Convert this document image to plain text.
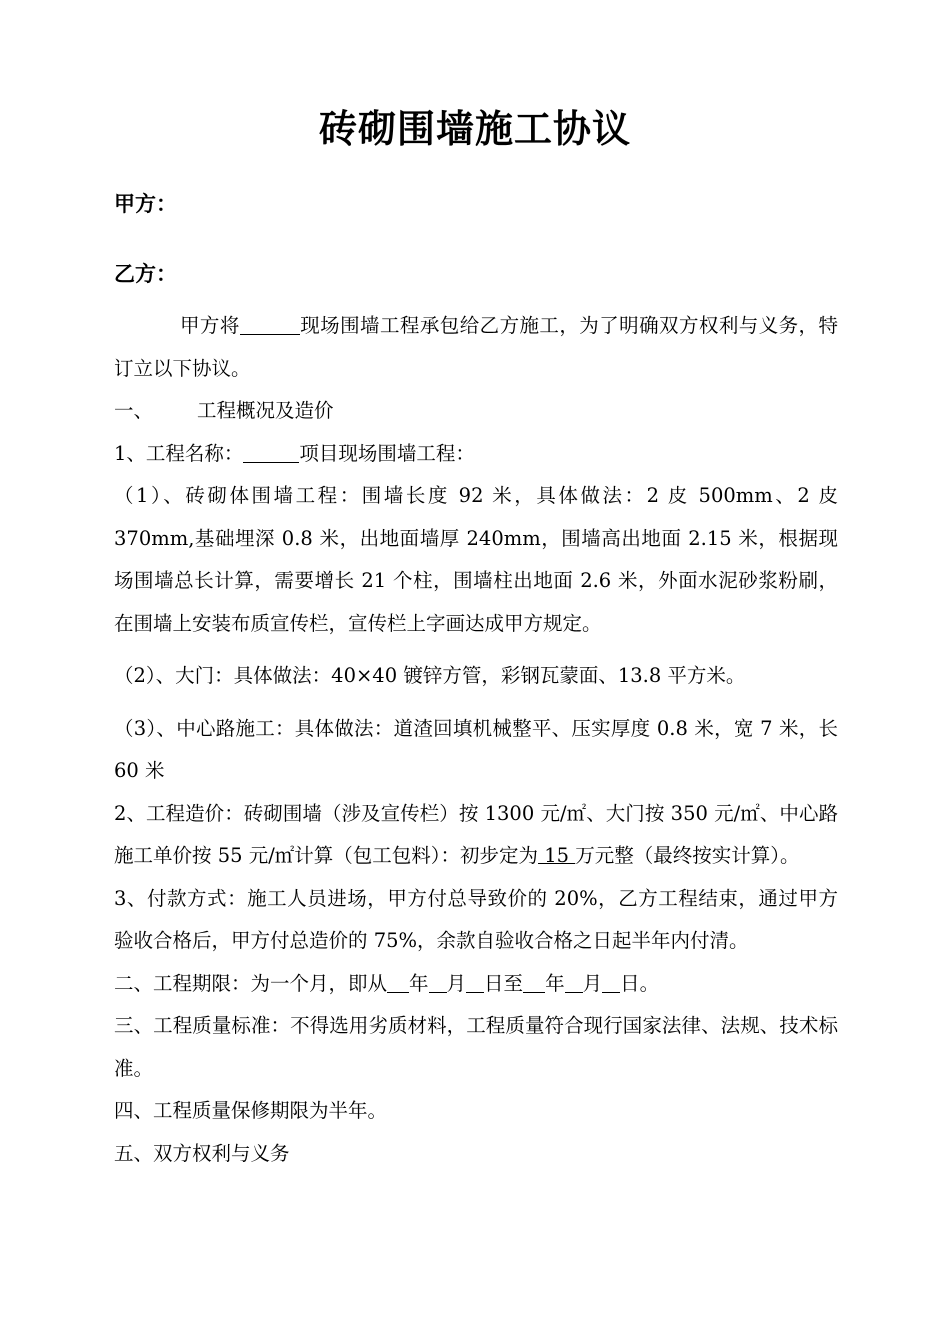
砖砌围墙施工协议
甲方：
乙方：

甲方将	现场围墙工程承包给乙方施工，为了明确双方权利与义务，特订立以下协议。

一、 工程概况及造价

1、工程名称：	项目现场围墙工程：

（1）、砖砌体围墙工程：围墙长度 92 米，具体做法：2 皮 500mm、2 皮 370mm,基础埋深 0.8 米，出地面墙厚 240mm，围墙高出地面 2.15 米，根据现场围墙总长计算，需要增长 21 个柱，围墙柱出地面 2.6 米，外面水泥砂浆粉刷，在围墙上安装布质宣传栏，宣传栏上字画达成甲方规定。

（2）、大门：具体做法：40×40 镀锌方管，彩钢瓦蒙面、13.8 平方米。

（3）、中心路施工：具体做法：道渣回填机械整平、压实厚度 0.8 米，宽 7 米，长 60 米

2、工程造价：砖砌围墙（涉及宣传栏）按 1300 元/㎡、大门按 350 元/㎡、中心路施工单价按 55 元/㎡计算（包工包料）：初步定为 15 万元整（最终按实计算）。

3、付款方式：施工人员进场，甲方付总导致价的 20%，乙方工程结束，通过甲方验收合格后，甲方付总造价的 75%，余款自验收合格之日起半年内付清。

二、工程期限：为一个月，即从 年 月 日至 年 月 日。

三、工程质量标准：不得选用劣质材料，工程质量符合现行国家法律、法规、技术标准。

四、工程质量保修期限为半年。

五、双方权利与义务
